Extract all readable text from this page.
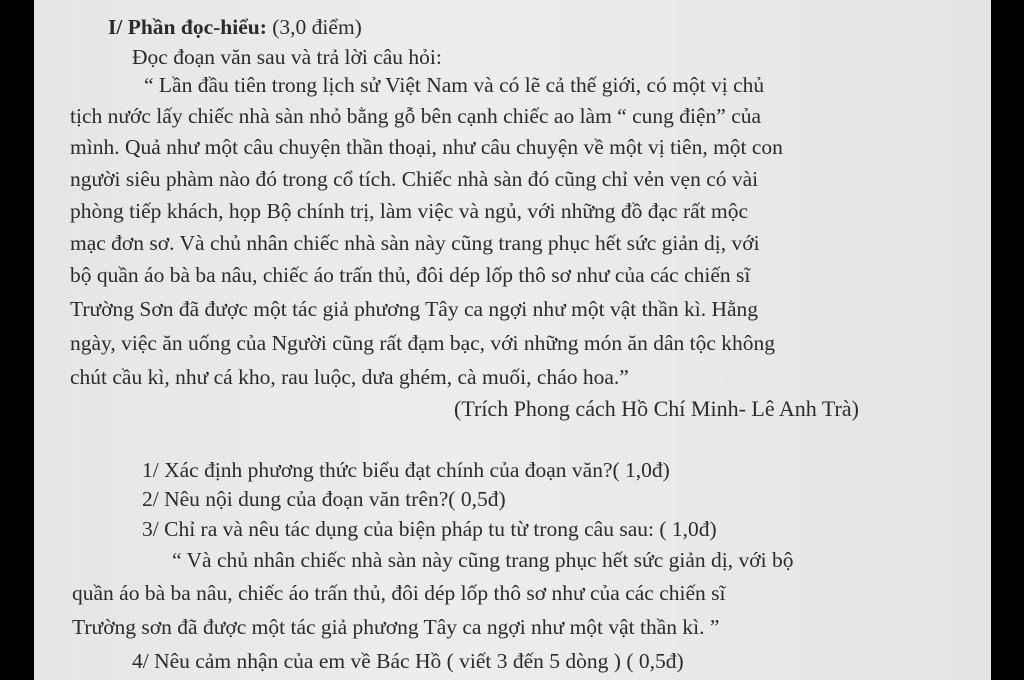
I/ Phần đọc-hiểu: (3,0 điểm)
Đọc đoạn văn sau và trả lời câu hỏi:
“ Lần đầu tiên trong lịch sử Việt Nam và có lẽ cả thế giới, có một vị chủ
tịch nước lấy chiếc nhà sàn nhỏ bằng gỗ bên cạnh chiếc ao làm “ cung điện” của
mình. Quả như một câu chuyện thần thoại, như câu chuyện về một vị tiên, một con
người siêu phàm nào đó trong cổ tích. Chiếc nhà sàn đó cũng chỉ vẻn vẹn có vài
phòng tiếp khách, họp Bộ chính trị, làm việc và ngủ, với những đồ đạc rất mộc
mạc đơn sơ. Và chủ nhân chiếc nhà sàn này cũng trang phục hết sức giản dị, với
bộ quần áo bà ba nâu, chiếc áo trấn thủ, đôi dép lốp thô sơ như của các chiến sĩ
Trường Sơn đã được một tác giả phương Tây ca ngợi như một vật thần kì. Hằng
ngày, việc ăn uống của Người cũng rất đạm bạc, với những món ăn dân tộc không
chút cầu kì, như cá kho, rau luộc, dưa ghém, cà muối, cháo hoa.”
(Trích Phong cách Hồ Chí Minh- Lê Anh Trà)
1/ Xác định phương thức biểu đạt chính của đoạn văn?( 1,0đ)
2/ Nêu nội dung của đoạn văn trên?( 0,5đ)
3/ Chỉ ra và nêu tác dụng của biện pháp tu từ trong câu sau: ( 1,0đ)
“ Và chủ nhân chiếc nhà sàn này cũng trang phục hết sức giản dị, với bộ
quần áo bà ba nâu, chiếc áo trấn thủ, đôi dép lốp thô sơ như của các chiến sĩ
Trường sơn đã được một tác giả phương Tây ca ngợi như một vật thần kì. ”
4/ Nêu cảm nhận của em về Bác Hồ ( viết 3 đến 5 dòng ) ( 0,5đ)
